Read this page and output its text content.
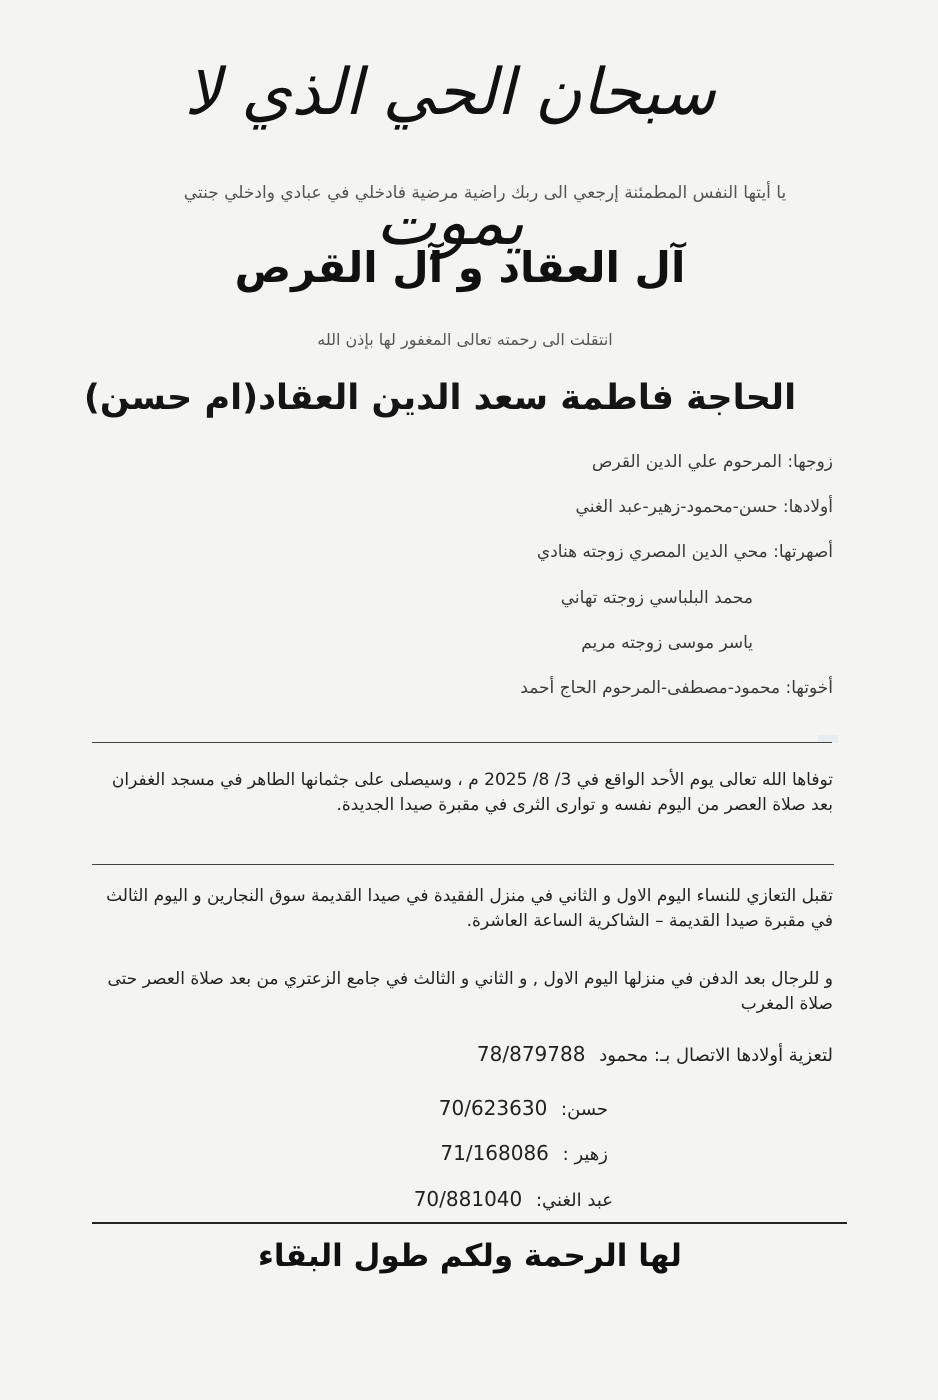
سبحان الحي الذي لا يموت
يا أيتها النفس المطمئنة إرجعي الى ربك راضية مرضية فادخلي في عبادي وادخلي جنتي
آل العقاد و آل القرص
انتقلت الى رحمته تعالى المغفور لها بإذن الله
الحاجة فاطمة سعد الدين العقاد(ام حسن)
زوجها: المرحوم علي الدين القرص
أولادها: حسن-محمود-زهير-عبد الغني
أصهرتها: محي الدين المصري زوجته هنادي
محمد البلباسي زوجته تهاني
ياسر موسى زوجته مريم
أخوتها: محمود-مصطفى-المرحوم الحاج أحمد
توفاها الله تعالى يوم الأحد الواقع في 3/ 8/ 2025 م ، وسيصلى على جثمانها الطاهر في مسجد الغفران بعد صلاة العصر من اليوم نفسه و توارى الثرى في مقبرة صيدا الجديدة.
تقبل التعازي للنساء اليوم الاول و الثاني في منزل الفقيدة في صيدا القديمة سوق النجارين و اليوم الثالث في مقبرة صيدا القديمة – الشاكرية الساعة العاشرة.
و للرجال بعد الدفن في منزلها اليوم الاول , و الثاني و الثالث في جامع الزعتري من بعد صلاة العصر حتى صلاة المغرب
لتعزية أولادها الاتصال بـ: محمود 78/879788
حسن: 70/623630
زهير : 71/168086
عبد الغني: 70/881040
لها الرحمة ولكم طول البقاء
